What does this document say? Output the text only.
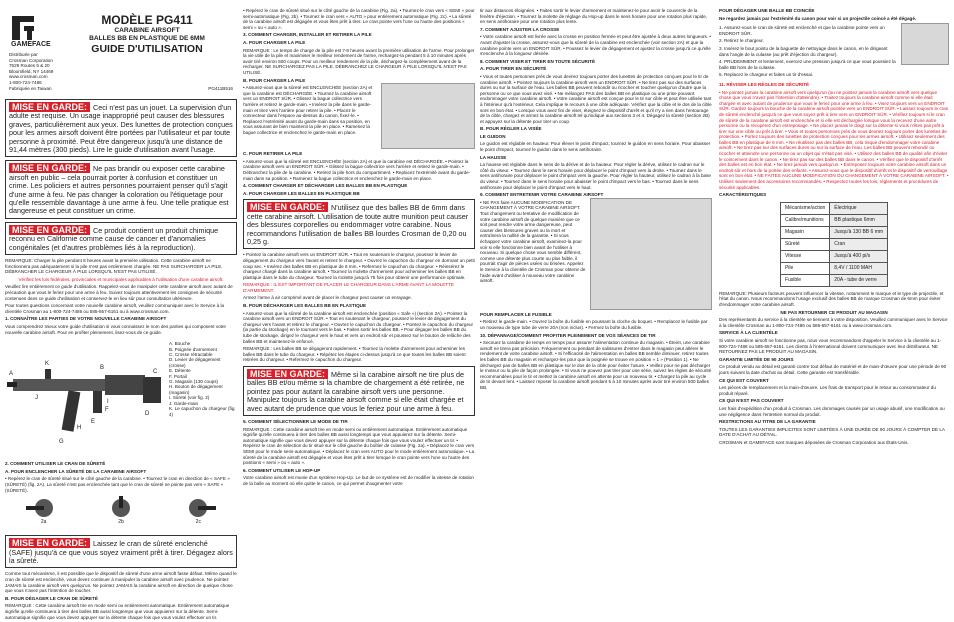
GAMEFACE
MODÈLE PG411
CARABINE AIRSOFT
BALLES BB EN PLASTIQUE DE 6MM
GUIDE D'UTILISATION
Distribuée par
Crosman Corporation
7629 Routes 5 & 20
Bloomfield, NY 14469
www.crosman.com
1-800-724-7486
Fabriquée en Taiwan	PG411B516
MISE EN GARDE: Ceci n'est pas un jouet. La supervision d'un adulte est requise. Un usage inapproprié peut causer des blessures graves, particulièrement aux yeux. Des lunettes de protection conçues pour les armes airsoft doivent être portées par l'utilisateur et par toute personne à proximité. Peut être dangereux jusqu'à une distance de 91,44 mètres (300 pieds). Lire le guide d'utilisation avant l'usage.
MISE EN GARDE: Ne pas brandir ou exposer cette carabine airsoft en public – cela pourrait porter à confusion et constituer un crime. Les policiers et autres personnes pourraient penser qu'il s'agit d'une arme à feu. Ne pas changer la coloration ou l'étiquetage pour qu'elle ressemble davantage à une arme à feu. Une telle pratique est dangereuse et peut constituer un crime.
MISE EN GARDE: Ce produit contient un produit chimique reconnu en Californie comme cause de cancer et d'anomalies congénitales (et d'autres problèmes liés à la reproduction).
REMARQUE: Charger la pile pendant 8 heures avant la première utilisation. Cette carabine airsoft ne fonctionnera pas adéquatement si la pile n'est pas entièrement chargée. NE PAS SURCHARGER LA PILE. DÉBRANCHER LE CHARGEUR À PILE LORSQU'IL N'EST PAS UTILISÉ.
Vérifiez les lois fédérales, provinciales et municipales applicables à l'utilisation d'une carabine airsoft.
Veuillez lire entièrement ce guide d'utilisation. Rappelez-vous de manipuler cette carabine airsoft avec autant de précaution que vous le feriez pour une arme à feu. Suivez toujours attentivement les consignes de sécurité contenues dans ce guide d'utilisation et conservez-le en lieu sûr pour consultation ultérieure.
Pour toutes questions concernant votre nouvelle carabine airsoft, veuillez communiquer avec le Service à la clientèle Crosman au 1-800-724-7486 ou 585-657-6161 ou à www.crosman.com.
1. CONNAÎTRE LES PARTIES DE VOTRE NOUVELLE CARABINE AIRSOFT
Vous comprendrez mieux votre guide d'utilisation si vous connaissez le nom des parties qui composent votre nouvelle carabine airsoft. Pour en profiter pleinement, lisez-vous de ce guide.
A
B
C
D
E
F
G
H
I
J
K
A. Bouche
B. Poignée d'armement
C. Crosse rétractable
D. Levier de dégagement (crosse)
E. Détente
F. Portail
G. Magasin (130 coups)
H. Bouton de dégagement (magasin)
I. Sûreté (voir fig. 2)
J. Garde-main
K. Le capuchon du chargeur (fig. 4)
2. COMMENT UTILISER LE CRAN DE SÛRETÉ
A. POUR ENCLENCHER LA SÛRETÉ DE LA CARABINE AIRSOFT
• Repérez le cran de sûreté situé sur le côté gauche de la carabine. • Tournez le cran en direction de « SAFE » (SÛRETÉ) (fig. 2A). La sûreté n'est pas enclenchée tant que le cran de sûreté ne pointe pas vers « SAFE » (SÛRETÉ).
2a	2b	2c
MISE EN GARDE: Laissez le cran de sûreté enclenché (SAFE) jusqu'à ce que vous soyez vraiment prêt à tirer. Dégagez alors la sûreté.
Comme tout mécanisme, il est possible que le dispositif de sûreté d'une arme airsoft fasse défaut. Même quand le cran de sûreté est enclenché, vous devez continuer à manipuler la carabine airsoft avec prudence. Ne pointez JAMAIS la carabine airsoft vers quelqu'un. Ne pointez JAMAIS la carabine airsoft en direction de quelque chose que vous n'avez pas l'intention de toucher.
B. POUR DÉGAGER LE CRAN DE SÛRETÉ
REMARQUE : Cette carabine airsoft tire en mode semi ou entièrement automatique. Entièrement automatique signifie qu'elle continuera à tirer des balles BB aussi longtemps que vous appuierez sur la détente. Semi-automatique signifie que vous devez appuyer sur la détente chaque fois que vous voulez effectuer un tir.
• Repérez le cran de sûreté situé sur le côté gauche de la carabine (Fig. 2a). • Tournez-le cran vers « SEMI » pour semi-automatique (Fig. 2b). • Tournez le cran vers « AUTO » pour entièrement automatique (Fig. 2c). • La sûreté de la carabine airsoft est dégagée et vous êtes prêt à tirer. Le cran pointe vers l'une ou l'autre des positions « semi » ou « auto ».
3. COMMENT CHARGER, INSTALLER ET RETIRER LA PILE
A. POUR CHARGER LA PILE
REMARQUE : Le temps de charge de la pile est 7-8 heures avant la première utilisation de l'arme. Pour prolonger la vie utile de la pile et maximiser le meilleur rendement de l'arme, rechargez-la pendant 5 à 10 minutes après avoir tiré environ 500 coups. Pour un meilleur rendement de la pile, déchargez-la complètement avant de la recharger. NE SURCHARGEZ PAS LA PILE. DÉBRANCHEZ LE CHARGEUR À PILE LORSQU'IL N'EST PAS UTILISÉ.
B. POUR CHARGER LA PILE
• Assurez-vous que la sûreté est ENCLENCHÉE (section 2A) et que la carabine est DÉCHARGÉE. • Tournez la carabine airsoft vers un ENDROIT SÛR. • Glissez la bague collectrice vers l'arrière et retirez le garde-main. • Insérez la pile dans le garde-main et tirez vers l'arrière pour retirer la pile. • Placez le connecteur dans l'espace au-dessus du canon, fixez-le. • Replacez l'extrémité avant du garde-main dans sa position, en vous assurant de bien maintenir la pile en place. • Ramenez la bague collectrice et enclenchez le garde-main en place.
C. POUR RETIRER LA PILE
• Assurez-vous que la sûreté est ENCLENCHÉE (section 2A) et que la carabine est DÉCHARGÉE. • Pointez la carabine airsoft vers un ENDROIT SÛR. • Glissez la bague collectrice vers l'arrière et retirez le garde-main. • Débranchez la pile de la carabine. • Retirez la pile hors du compartiment. • Replacez l'extrémité avant du garde-main dans sa position. • Ramenez la bague collectrice et enclenchez le garde-main en place.
4. COMMENT CHARGER ET DÉCHARGER LES BALLES BB EN PLASTIQUE
A. POUR CHARGER LES BALLES EN PLASTIQUE BB
MISE EN GARDE: N'utilisez que des balles BB de 6mm dans cette carabine airsoft. L'utilisation de toute autre munition peut causer des blessures corporelles ou endommager votre carabine. Nous recommandons l'utilisation de balles BB lourdes Crosman de 0,20 ou 0,25 g.
• Pointez la carabine airsoft vers un ENDROIT SÛR. • Tout en soutenant le chargeur, poussez le levier de dégagement du chargeur vers l'avant et retirez le chargeur. • Ouvrez le capuchon du chargeur en dormant un petit coup sec. • Insérez des balles BB en plastique de 6 mm. • Refermez le capuchon du chargeur. • Réinsérez le chargeur chargé dans la carabine airsoft. • Tournez la molette d'armement pour acheminer les balles BB en plastique dans le tube du chargeur. Tournez la molette jusqu'à 75 fois pour obtenir une performance optimale.
REMARQUE : IL EST IMPORTANT DE PLACER LE CHARGEUR DANS L'ARME AVANT LA MOLETTE D'ARMEMENT.
Armez l'arme à air comprimé avant de placer le chargeur peut causer un enrayage.
B. POUR DÉCHARGER LES BALLES BB EN PLASTIQUE
• Assurez-vous que la sûreté de la carabine airsoft est enclenchée (position « Safe ») (section 2A). • Pointez la carabine airsoft vers un ENDROIT SÛR. • Tout en soutenant le chargeur, poussez le levier de dégagement du chargeur vers l'avant et retirez le chargeur. • Ouvrez le capuchon du chargeur. • Pointez le capuchon du chargeur (la partie du stockage) en le tournant vers le bas. • Faites sortir les balles BB. • Pour dégager les balles BB du tube de stockage, dirigez le chargeur vers le haut et vers un endroit sûr et poussez sur le bouton de relâche des balles BB et maintenez-le enfoncé.
REMARQUE : Les balles BB se dégageront rapidement. • Tournez la molette d'armement pour acheminer les balles BB dans le tube du chargeur. • Répétez les étapes ci-dessus jusqu'à ce que toutes les balles BB soient retirées du chargeur. • Refermez le capuchon du chargeur.
MISE EN GARDE: Même si la carabine airsoft ne tire plus de balles BB et/ou même si la chambre de chargement a été retirée, ne pointez pas pour autant la carabine airsoft vers une personne. Manipulez toujours la carabine airsoft comme si elle était chargée et avec autant de prudence que vous le feriez pour une arme à feu.
5. COMMENT SÉLECTIONNER LE MODE DE TIR
REMARQUE : Cette carabine airsoft tire en mode semi ou entièrement automatique. Entièrement automatique signifie qu'elle continuera à tirer des balles BB aussi longtemps que vous appuierez sur la détente. Semi-automatique signifie que vous devez appuyer sur la détente chaque fois que vous voulez effectuer un tir. • Repérez le cran de sélection du tir situé sur le côté gauche du boîtier de culasse (Fig. 2a). • Déplacez le cran vers SEMI pour le mode semi-automatique. • Déplacez le cran vers AUTO pour le mode entièrement automatique. • La sûreté de la carabine airsoft est dégagée et vous êtes prêt à tirer lorsque le cran pointe vers l'une ou l'autre des positions « semi » ou « auto ».
6. COMMENT UTILISER LE HOP-UP
Votre carabine airsoft est munie d'un système Hop-Up. Le but de ce système est de modifier la vitesse de rotation de la balle au moment où elle quitte le canon, ce qui permet d'augmenter votre
tir aux distances éloignées. • Faites sortir le levier d'armement et maintenez-le pour avoir le couvercle de la fenêtre d'éjection. • Tournez la molette de réglage du Hop-up dans le sens horaire pour une rotation plus rapide, en sens antihoraire pour une rotation plus lente.
7. COMMENT AJUSTER LA CROSSE
• Votre carabine airsoft est livrée avec la crosse en position fermée et peut être ajustée à deux autres longueurs. • Avant d'ajuster la crosse, assurez-vous que la sûreté de la carabine est enclenchée (voir section 2A) et que la carabine pointe vers un ENDROIT SÛR. • Poussez le levier de dégagement et ajustez la crosse jusqu'à ce qu'elle s'enclenche à la longueur désirée.
8. COMMENT VISER ET TIRER EN TOUTE SÉCURITÉ
A. POUR TIRER EN SÉCURITÉ
• Vous et toutes personnes près de vous devriez toujours porter des lunettes de protection conçues pour le tir de carabine airsoft. • Pointez toujours la carabine airsoft vers un ENDROIT SÛR. • Ne tirez pas sur des surfaces dures ou sur la surface de l'eau. Les balles BB peuvent rebondir ou ricocher et toucher quelqu'un d'autre que la personne ou ce que vous avez visé. • Ne mélangez PAS des balles BB en plastique ou une prise pouvant endommager votre carabine airsoft. • Votre carabine airsoft est conçue pour le tir sur cible et peut être utilisée tant à l'intérieur qu'à l'extérieur. Cela implique le recours à une cible adéquate. Vérifiez que la cible et le dos de la cible sont en bon état. • Lorsque vous avez fini de viser, éteignez le dispositif d'arrêt et qu'il n'y a rien dans l'entourage de la cible, chargez et armez la carabine airsoft tel qu'indiqué aux sections 3 et 4. Dégagez la sûreté (section 2B) et appuyez sur la détente pour tirer un coup.
B. POUR RÉGLER LA VISÉE
LE GUIDON
Le guidon est réglable en hauteur. Pour élever le point d'impact, tournez le guidon en sens horaire. Pour abaisser le point d'impact, tournez le guidon dans le sens antihoraire.
LA HAUSSE
La hausse est réglable dans le sens de la dérive et de la hauteur. Pour régler la dérive, utilisez le cadran sur le côté du viseur. • Tournez dans le sens horaire pour déplacer le point d'impact vers la droite. • Tournez dans le sens antihoraire pour déplacer le point d'impact vers la gauche. Pour régler la hauteur, utilisez le cadran à la base du viseur. • Tournez dans le sens horaire pour abaisser le point d'impact vers le bas. • Tournez dans le sens antihoraire pour déplacer le point d'impact vers le haut.
9. COMMENT ENTRETENIR VOTRE CARABINE AIRSOFT
• NE PAS faire AUCUNE MODIFICATION DE CHANGEMENT À VOTRE CARABINE AIRSOFT. Tout changement ou tentative de modification de votre carabine airsoft de quelque manière que ce soit peut rendre votre arme dangereuse, peut causer des blessures graves ou la mort et entraînera la nullité de la garantie. • Si vous échappez votre carabine airsoft, examinez-la pour voir si elle fonctionne bien avant de l'utiliser à nouveau. Si quelque chose vous semble différent, comme une détente plus courte ou plus faible, il pourrait s'agir de pièces usées ou brisées. Appelez le Service à la clientèle de Crosman pour obtenir de l'aide avant d'utiliser à nouveau votre carabine airsoft.
POUR REMPLACER LE FUSIBLE
• Retirez le garde-main. • Ouvrez la boîte du fusible en poussant la cloche du boquet. • Remplacez le fusible par un nouveau de type tube de verre 20A (non inclus). • Fermez la boîte du fusible.
10. DÉPANNAGE/COMMENT PROFITER PLEINEMENT DE VOS SÉANCES DE TIR
• Secouez la carabine de temps en temps pour assurer l'alimentation continue du magasin. • Éteint, une carabine airsoft ne tirera pas précision. Fréquemment ou pendant de salissures d'entrer dans le magasin peut altérer le rendement de votre carabine airsoft. • Si l'efficacité de l'alimentation en balles BB semble diminuer, retirez toutes les balles BB du magasin et rechargez-les pour que la poignée se trouve en position « 1 » (Position 1). • Ne déchargez pas de balles BB en plastique sur le dos de la cible pour éviter l'usure. • Veillez pour ne pas décharger le moteur ou la pile de façon prolongée. • Si vous ne pouvez pas tirer pour une série, suivez les règles de sécurité recommandées pour le tir et mettez la carabine airsoft en attente pour un nouveau tir. • Chargez la pile au cycle de tir devant lent. • Laissez reposer la carabine airsoft pendant 5 à 10 minutes après avoir tiré environ 500 balles BB.
POUR DÉGAGER UNE BALLE BB COINCÉE
Ne regardez jamais par l'extrémité du canon pour voir si un projectile coincé a été dégagé.
1. Assurez-vous le cran de sûreté est enclenché et que la carabine pointe vers un ENDROIT SÛR.
2. Retirez le chargeur.
3. Insérez le bout pointu de la baguette de nettoyage dans le canon, en le dirigeant dans l'angle de la culasse (au prêt d'éjection du chargeur).
4. PRUDEMMENT et lentement, exercez une pression jusqu'à ce que vous poussiez la balle BB hors de la culasse.
5. Replacez le chargeur et faites un tir d'essai.
11. RÉVISER LES RÈGLES DE SÉCURITÉ
• Ne pointez jamais la carabine airsoft vers quelqu'un (ou ne pointez jamais la carabine airsoft vers quelque chose que vous n'avez pas l'intention d'atteindre). • Traitez toujours la carabine airsoft comme si elle était chargée et avec autant de prudence que vous le feriez pour une arme à feu. • Visez toujours vers un ENDROIT SÛR. Gardez toujours la bouche de la carabine airsoft pointée vers un ENDROIT SÛR. • Laissez toujours le cran de sûreté enclenché jusqu'à ce que vous soyez prêt à tirer vers un ENDROIT SÛR. • Vérifiez toujours si le cran de sûreté de la carabine airsoft est enclenchée et si elle est déchargée lorsque vous la recevez d'une autre personne ou la récupérez d'un entreposage. • Ne placez jamais le doigt sur la détente si vous n'êtes pas prêt à tirer sur une cible ou prêt à tirer. • Vous et toutes personnes près de vous devriez toujours porter des lunettes de protection. • Portez toujours des lunettes de protection conçues pour les armes airsoft. • Utilisez seulement des balles BB en plastique de 6 mm. • Ne réutilisez pas des balles BB, cela risque d'endommager votre carabine airsoft. • Ne tirez pas sur des surfaces dures ou sur la surface de l'eau. Les balles BB peuvent rebondir ou ricocher et atteindre une personne ou un objet qui n'était pas visé. • Utilisez des balles BB de qualité afin d'éviter le coincement dans le canon. • Ne tirez pas sur des balles BB dans le canon. • Vérifiez que le dispositif d'arrêt des balles est en bon état. • Ne tirez jamais vers quelqu'un. • Entreposez toujours votre carabine airsoft dans un endroit sûr et hors de la portée des enfants. • Assurez-vous que le dispositif d'arrêt et le dispositif de verrouillage sont en bon état. • NE FAITES AUCUNE MODIFICATION OU CHANGEMENT À VOTRE CARABINE AIRSOFT. • Utilisez seulement des accessoires recommandés. • Respectez toutes les lois, règlements et procédures de sécurité applicables.
CARACTÉRISTIQUES
Mécanisme/action	Électrique
Calibre/munitions	BB plastique 6mm
Magasin	Jusqu'à 130 BB 6 mm
Sûreté	Cran
Vitesse	Jusqu'à 400 pi/s
Pile	8,4V / 1100 MAH
Fusible	20A - tube de verre
REMARQUE: Plusieurs facteurs peuvent influencer la vitesse, notamment le marque et le type de projectile, et l'état du canon. Nous recommandons l'usage exclusif des balles BB de marque Crosman de 6mm pour éviter d'endommager votre carabine airsoft.
NE PAS RETOURNER CE PRODUIT AU MAGASIN
Des représentants du service à la clientèle se tiennent à votre disposition. Veuillez communiquer avec le Service à la clientèle Crosman au 1-800-724-7486 ou 585-657-6161 ou à www.crosman.com.
SERVICE À LA CLIENTÈLE
Si votre carabine airsoft ne fonctionne pas, nous vous recommandons d'appeler le Service à la clientèle au 1-800-724-7486 ou 585-657-6161. Les clients à l'international doivent communiquer avec leur distributeur. NE RETOURNEZ PAS LE PRODUIT AU MAGASIN.
GARANTIE LIMITÉE DE 90 JOURS
Ce produit vendu au détail est garanti contre tout défaut de matériel et de main-d'œuvre pour une période de 90 jours suivant la date d'achat au détail. Cette garantie est transférable.
CE QUI EST COUVERT
Les pièces de remplacement et la main-d'œuvre. Les frais de transport pour le retour au consommateur du produit réparé.
CE QUI N'EST PAS COUVERT
Les frais d'expédition d'un produit à Crosman. Les dommages causés par un usage abusif, une modification ou une négligence dans l'entretien normal du produit.
RESTRICTIONS AU TITRE DE LA GARANTIE
TOUTES LES GARANTIES IMPLICITES SONT LIMITÉES À UNE DURÉE DE 90 JOURS À COMPTER DE LA DATE D'ACHAT AU DÉTAIL.
CROSMAN et GAMEFACE sont marques déposées de Crosman Corporation aux États-Unis.
